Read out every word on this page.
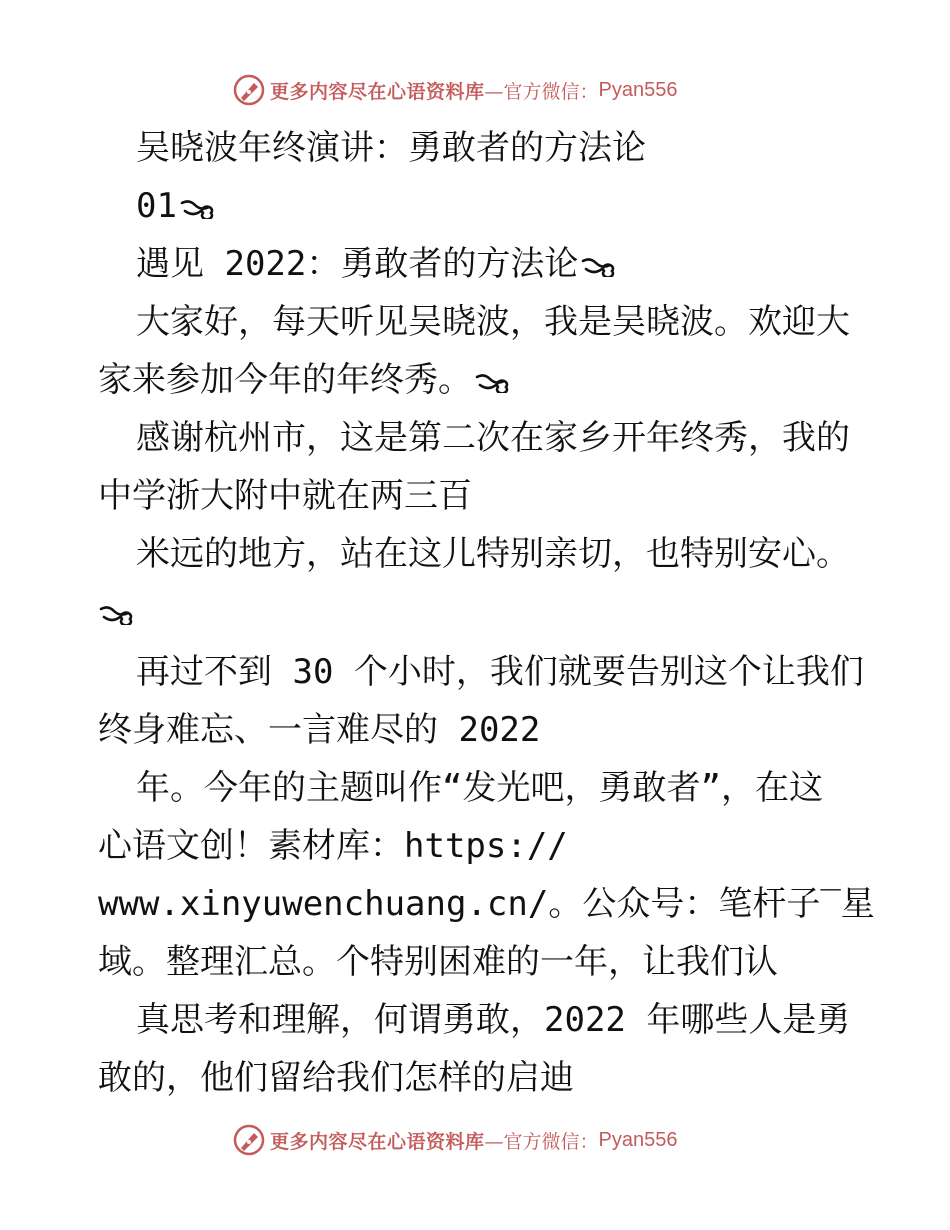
更多内容尽在心语资料库 —官方微信： Pyan556
吴晓波年终演讲：勇敢者的方法论
01
遇见 2022：勇敢者的方法论
大家好，每天听见吴晓波，我是吴晓波。欢迎大
家来参加今年的年终秀。
感谢杭州市，这是第二次在家乡开年终秀，我的
中学浙大附中就在两三百
米远的地方，站在这儿特别亲切，也特别安心。
再过不到 30 个小时，我们就要告别这个让我们
终身难忘、一言难尽的 2022
年。今年的主题叫作“发光吧，勇敢者”，在这
心语文创！素材库：https://
www.xinyuwenchuang.cn/。公众号：笔杆子‾星
域。整理汇总。个特别困难的一年，让我们认
真思考和理解，何谓勇敢，2022 年哪些人是勇
敢的，他们留给我们怎样的启迪
更多内容尽在心语资料库 —官方微信： Pyan556
